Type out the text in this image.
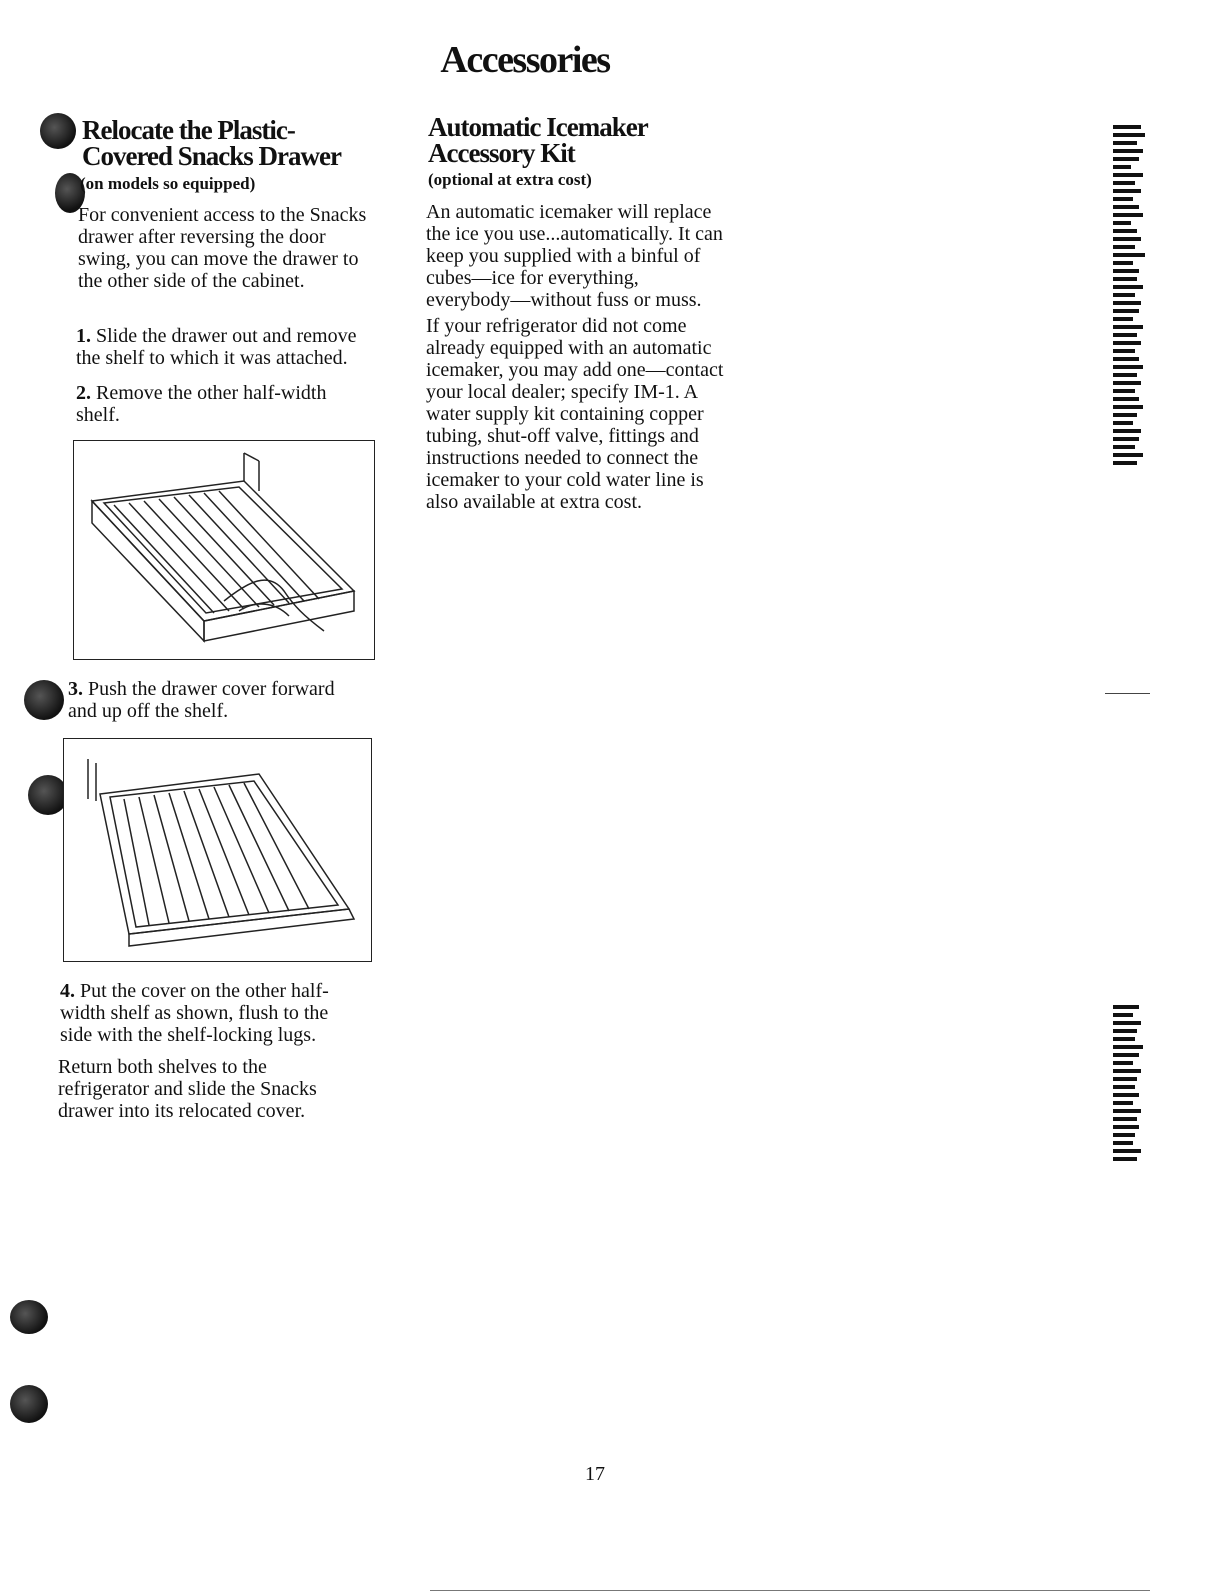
Accessories
Relocate the Plastic-
Covered Snacks Drawer
(on models so equipped)

For convenient access to the Snacks drawer after reversing the door swing, you can move the drawer to the other side of the cabinet.

1. Slide the drawer out and remove the shelf to which it was attached.

2. Remove the other half-width shelf.

3. Push the drawer cover forward and up off the shelf.

4. Put the cover on the other half-width shelf as shown, flush to the side with the shelf-locking lugs.

Return both shelves to the refrigerator and slide the Snacks drawer into its relocated cover.

Automatic Icemaker
Accessory Kit
(optional at extra cost)

An automatic icemaker will replace the ice you use...automatically. It can keep you supplied with a binful of cubes—ice for everything, everybody—without fuss or muss.

If your refrigerator did not come already equipped with an automatic icemaker, you may add one—contact your local dealer; specify IM-1. A water supply kit containing copper tubing, shut-off valve, fittings and instructions needed to connect the icemaker to your cold water line is also available at extra cost.

17
